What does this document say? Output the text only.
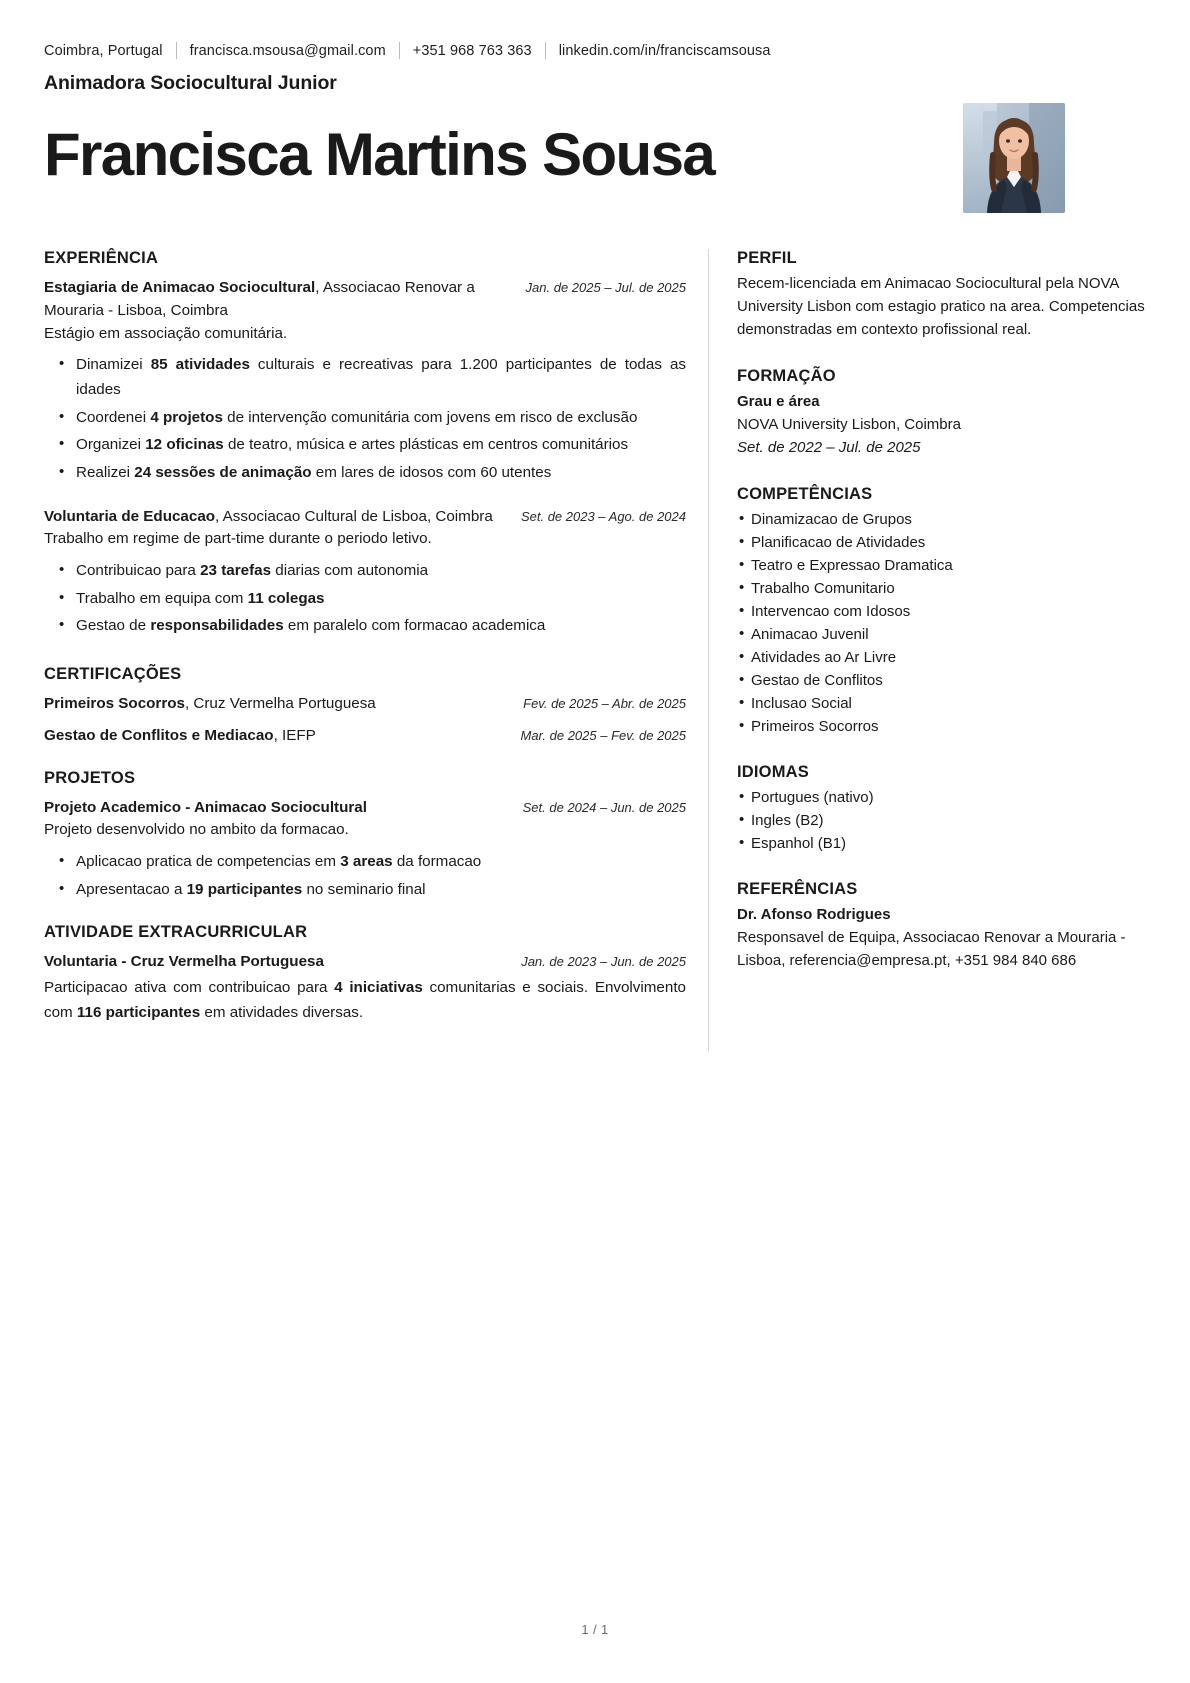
Coimbra, Portugal francisca.msousa@gmail.com +351 968 763 363 linkedin.com/in/franciscamsousa
Animadora Sociocultural Junior
Francisca Martins Sousa
EXPERIÊNCIA
Estagiaria de Animacao Sociocultural, Associacao Renovar a Mouraria - Lisboa, Coimbra
Jan. de 2025 – Jul. de 2025
Estágio em associação comunitária.
• Dinamizei 85 atividades culturais e recreativas para 1.200 participantes de todas as idades
• Coordenei 4 projetos de intervenção comunitária com jovens em risco de exclusão
• Organizei 12 oficinas de teatro, música e artes plásticas em centros comunitários
• Realizei 24 sessões de animação em lares de idosos com 60 utentes
Voluntaria de Educacao, Associacao Cultural de Lisboa, Coimbra	Set. de 2023 – Ago. de 2024
Trabalho em regime de part-time durante o periodo letivo.
• Contribuicao para 23 tarefas diarias com autonomia
• Trabalho em equipa com 11 colegas
• Gestao de responsabilidades em paralelo com formacao academica
CERTIFICAÇÕES
Primeiros Socorros, Cruz Vermelha Portuguesa	Fev. de 2025 – Abr. de 2025
Gestao de Conflitos e Mediacao, IEFP	Mar. de 2025 – Fev. de 2025
PROJETOS
Projeto Academico - Animacao Sociocultural	Set. de 2024 – Jun. de 2025
Projeto desenvolvido no ambito da formacao.
• Aplicacao pratica de competencias em 3 areas da formacao
• Apresentacao a 19 participantes no seminario final
ATIVIDADE EXTRACURRICULAR
Voluntaria - Cruz Vermelha Portuguesa	Jan. de 2023 – Jun. de 2025
Participacao ativa com contribuicao para 4 iniciativas comunitarias e sociais. Envolvimento com 116 participantes em atividades diversas.
PERFIL
Recem-licenciada em Animacao Sociocultural pela NOVA University Lisbon com estagio pratico na area. Competencias demonstradas em contexto profissional real.
FORMAÇÃO
Grau e área
NOVA University Lisbon, Coimbra
Set. de 2022 – Jul. de 2025
COMPETÊNCIAS
• Dinamizacao de Grupos
• Planificacao de Atividades
• Teatro e Expressao Dramatica
• Trabalho Comunitario
• Intervencao com Idosos
• Animacao Juvenil
• Atividades ao Ar Livre
• Gestao de Conflitos
• Inclusao Social
• Primeiros Socorros
IDIOMAS
• Portugues (nativo)
• Ingles (B2)
• Espanhol (B1)
REFERÊNCIAS
Dr. Afonso Rodrigues
Responsavel de Equipa, Associacao Renovar a Mouraria - Lisboa, referencia@empresa.pt, +351 984 840 686
1 / 1
